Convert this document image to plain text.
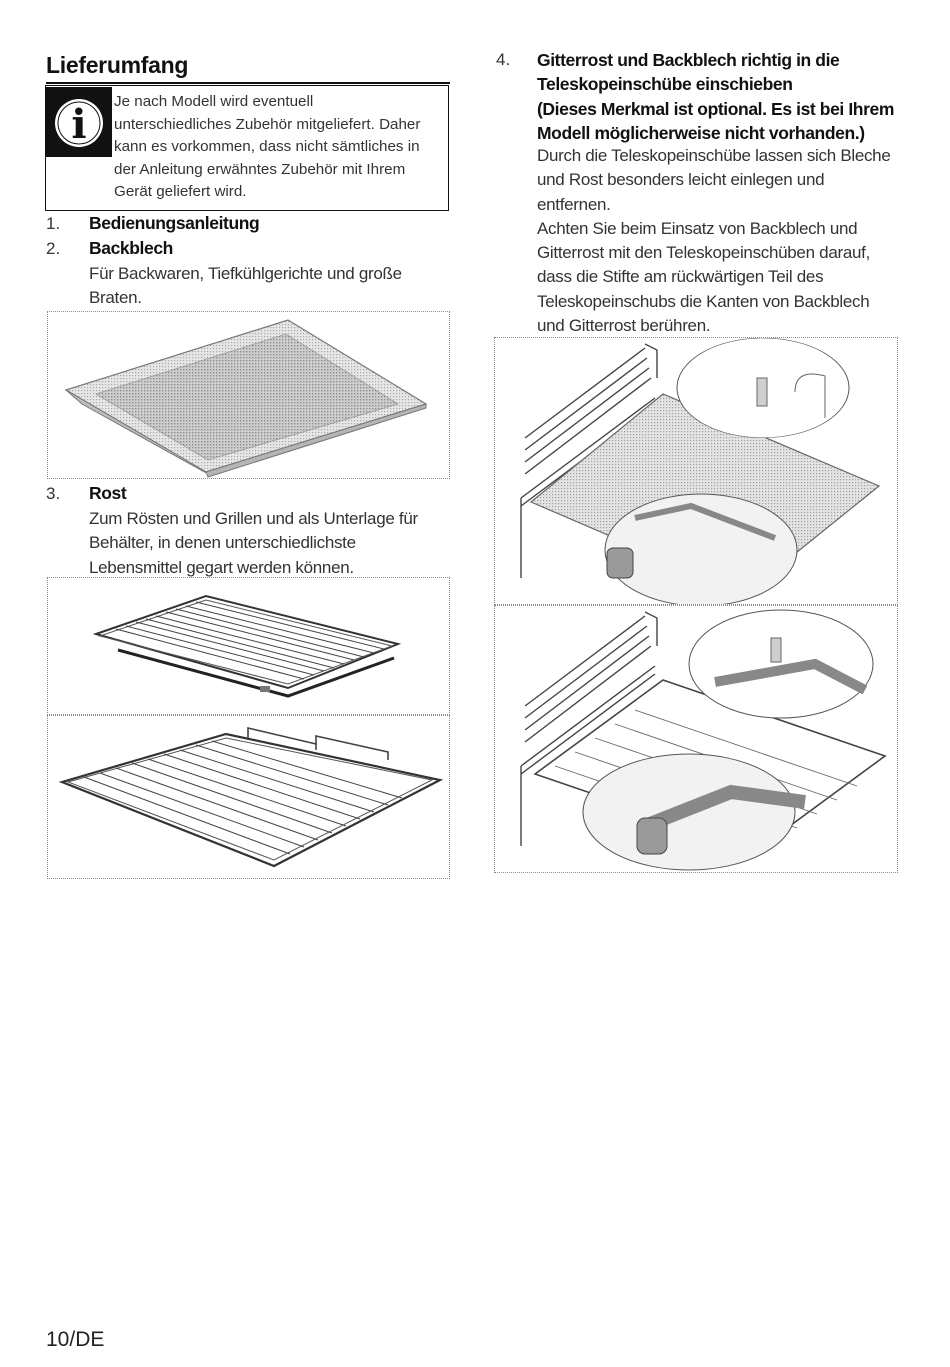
Lieferumfang
i Je nach Modell wird eventuell
unterschiedliches Zubehör mitgeliefert. Daher
kann es vorkommen, dass nicht sämtliches in
der Anleitung erwähntes Zubehör mit Ihrem
Gerät geliefert wird.
1.	Bedienungsanleitung
2.	Backblech
Für Backwaren, Tiefkühlgerichte und große
Braten.
3.	Rost
Zum Rösten und Grillen und als Unterlage für
Behälter, in denen unterschiedlichste
Lebensmittel gegart werden können.
4.	Gitterrost und Backblech richtig in die
Teleskopeinschübe einschieben
(Dieses Merkmal ist optional. Es ist bei Ihrem
Modell möglicherweise nicht vorhanden.)
Durch die Teleskopeinschübe lassen sich Bleche
und Rost besonders leicht einlegen und
entfernen.
Achten Sie beim Einsatz von Backblech und
Gitterrost mit den Teleskopeinschüben darauf,
dass die Stifte am rückwärtigen Teil des
Teleskopeinschubs die Kanten von Backblech
und Gitterrost berühren.
10/DE
